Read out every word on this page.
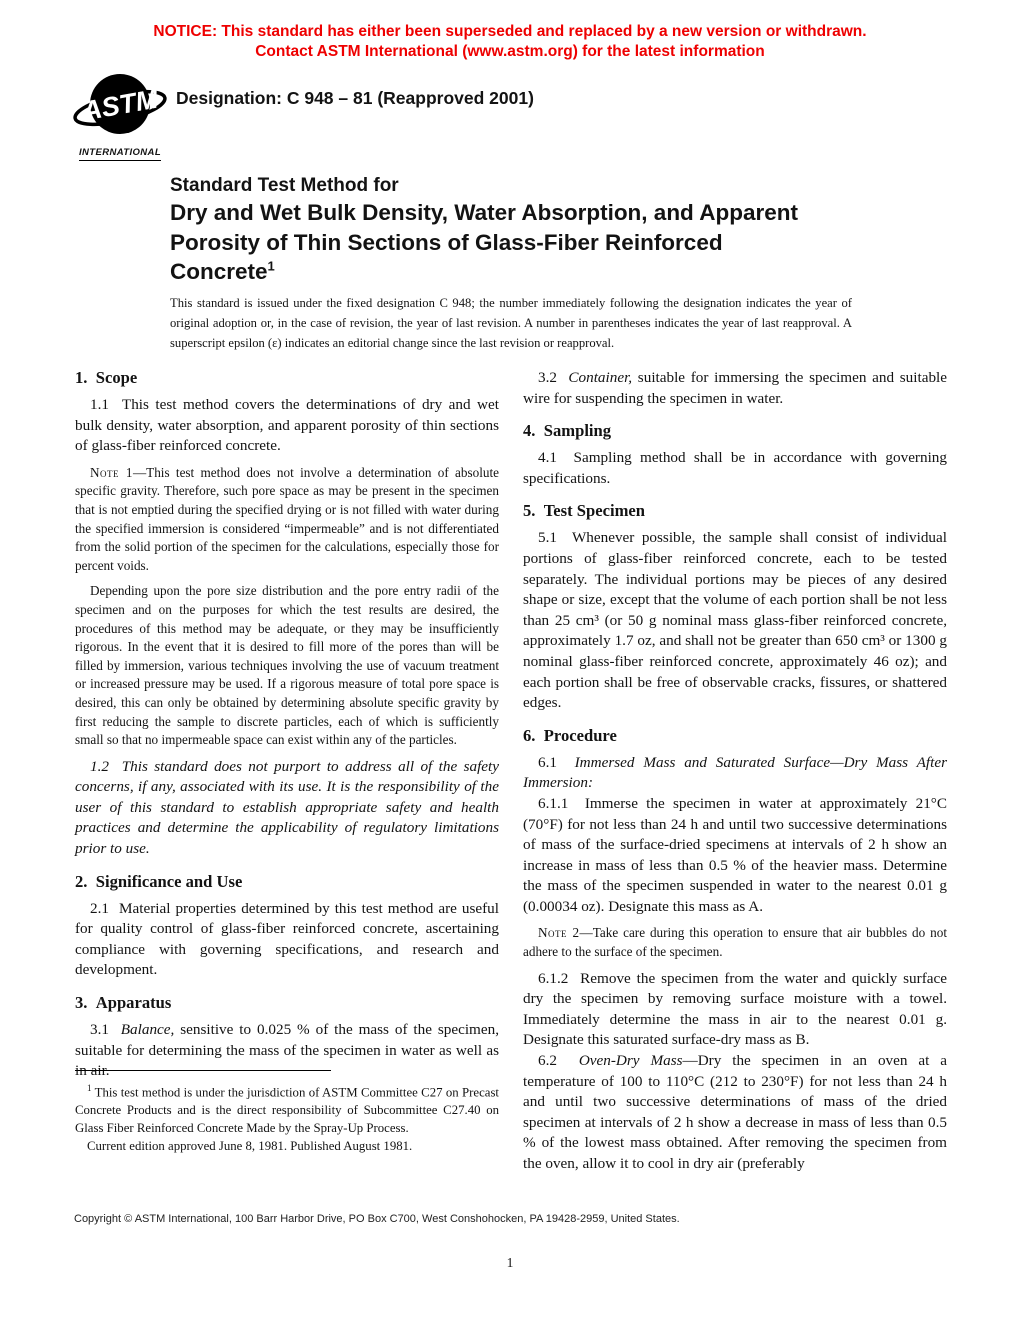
NOTICE: This standard has either been superseded and replaced by a new version or withdrawn.
Contact ASTM International (www.astm.org) for the latest information
ASTM
INTERNATIONAL
Designation: C 948 – 81 (Reapproved 2001)
Standard Test Method for
Dry and Wet Bulk Density, Water Absorption, and Apparent
Porosity of Thin Sections of Glass-Fiber Reinforced
Concrete$^1$
This standard is issued under the fixed designation C 948; the number immediately following the designation indicates the year of original adoption or, in the case of revision, the year of last revision. A number in parentheses indicates the year of last reapproval. A superscript epsilon (ε) indicates an editorial change since the last revision or reapproval.
1.  Scope

1.1  This test method covers the determinations of dry and wet bulk density, water absorption, and apparent porosity of thin sections of glass-fiber reinforced concrete.

Note 1—This test method does not involve a determination of absolute specific gravity. Therefore, such pore space as may be present in the specimen that is not emptied during the specified drying or is not filled with water during the specified immersion is considered “impermeable” and is not differentiated from the solid portion of the specimen for the calculations, especially those for percent voids.

Depending upon the pore size distribution and the pore entry radii of the specimen and on the purposes for which the test results are desired, the procedures of this method may be adequate, or they may be insufficiently rigorous. In the event that it is desired to fill more of the pores than will be filled by immersion, various techniques involving the use of vacuum treatment or increased pressure may be used. If a rigorous measure of total pore space is desired, this can only be obtained by determining absolute specific gravity by first reducing the sample to discrete particles, each of which is sufficiently small so that no impermeable space can exist within any of the particles.

1.2  This standard does not purport to address all of the safety concerns, if any, associated with its use. It is the responsibility of the user of this standard to establish appropriate safety and health practices and determine the applicability of regulatory limitations prior to use.

2.  Significance and Use

2.1  Material properties determined by this test method are useful for quality control of glass-fiber reinforced concrete, ascertaining compliance with governing specifications, and research and development.

3.  Apparatus

3.1  Balance, sensitive to 0.025 % of the mass of the specimen, suitable for determining the mass of the specimen in water as well as in air.

3.2  Container, suitable for immersing the specimen and suitable wire for suspending the specimen in water.

4.  Sampling

4.1  Sampling method shall be in accordance with governing specifications.

5.  Test Specimen

5.1  Whenever possible, the sample shall consist of individual portions of glass-fiber reinforced concrete, each to be tested separately. The individual portions may be pieces of any desired shape or size, except that the volume of each portion shall be not less than 25 cm³ (or 50 g nominal mass glass-fiber reinforced concrete, approximately 1.7 oz, and shall not be greater than 650 cm³ or 1300 g nominal glass-fiber reinforced concrete, approximately 46 oz); and each portion shall be free of observable cracks, fissures, or shattered edges.

6.  Procedure

6.1  Immersed Mass and Saturated Surface—Dry Mass After Immersion:

6.1.1  Immerse the specimen in water at approximately 21°C (70°F) for not less than 24 h and until two successive determinations of mass of the surface-dried specimens at intervals of 2 h show an increase in mass of less than 0.5 % of the heavier mass. Determine the mass of the specimen suspended in water to the nearest 0.01 g (0.00034 oz). Designate this mass as A.

Note 2—Take care during this operation to ensure that air bubbles do not adhere to the surface of the specimen.

6.1.2  Remove the specimen from the water and quickly surface dry the specimen by removing surface moisture with a towel. Immediately determine the mass in air to the nearest 0.01 g. Designate this saturated surface-dry mass as B.

6.2  Oven-Dry Mass—Dry the specimen in an oven at a temperature of 100 to 110°C (212 to 230°F) for not less than 24 h and until two successive determinations of mass of the dried specimen at intervals of 2 h show a decrease in mass of less than 0.5 % of the lowest mass obtained. After removing the specimen from the oven, allow it to cool in dry air (preferably

$^1$ This test method is under the jurisdiction of ASTM Committee C27 on Precast Concrete Products and is the direct responsibility of Subcommittee C27.40 on Glass Fiber Reinforced Concrete Made by the Spray-Up Process.

Current edition approved June 8, 1981. Published August 1981.

Copyright © ASTM International, 100 Barr Harbor Drive, PO Box C700, West Conshohocken, PA 19428-2959, United States.
1
